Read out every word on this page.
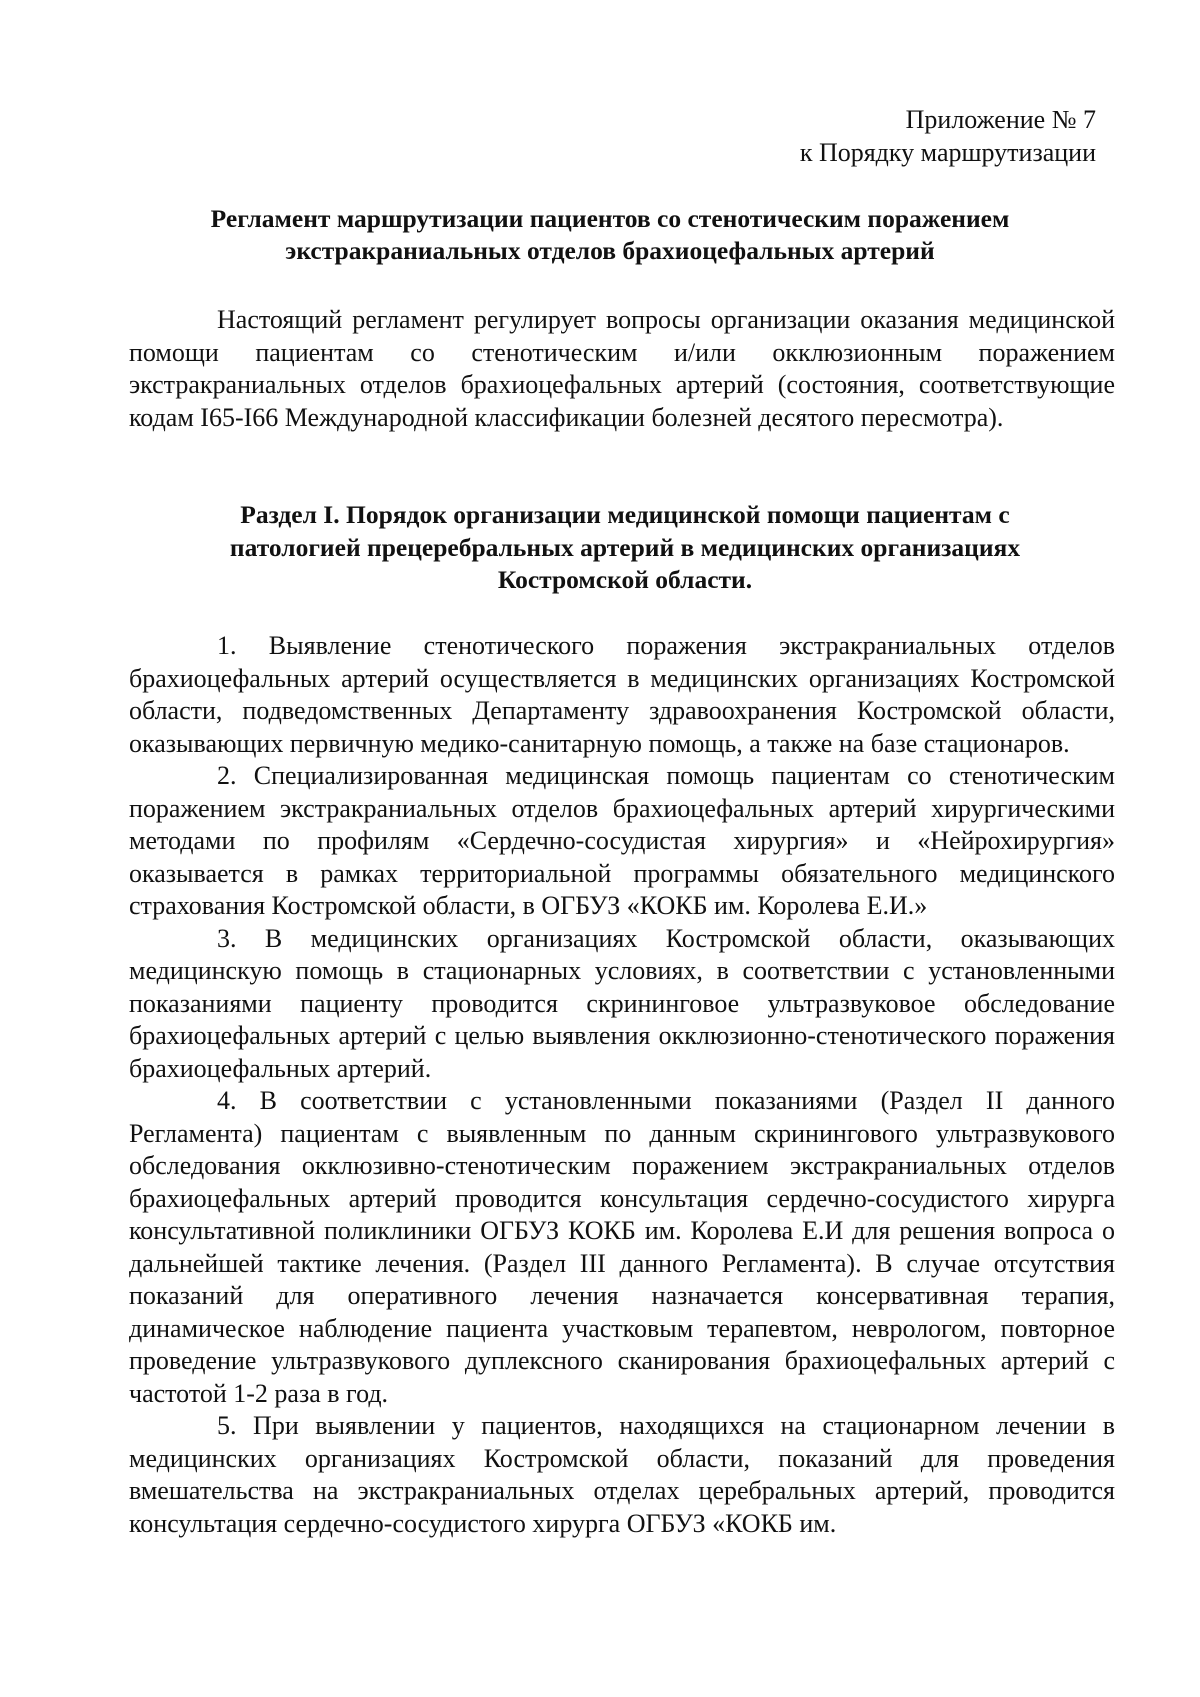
Приложение № 7
к Порядку маршрутизации
Регламент маршрутизации пациентов со стенотическим поражением
экстракраниальных отделов брахиоцефальных артерий

Настоящий регламент регулирует вопросы организации оказания медицинской помощи пациентам со стенотическим и/или окклюзионным поражением экстракраниальных отделов брахиоцефальных артерий (состояния, соответствующие кодам I65-I66 Международной классификации болезней десятого пересмотра).

Раздел I. Порядок организации медицинской помощи пациентам с
патологией прецеребральных артерий в медицинских организациях
Костромской области.

1. Выявление стенотического поражения экстракраниальных отделов брахиоцефальных артерий осуществляется в медицинских организациях Костромской области, подведомственных Департаменту здравоохранения Костромской области, оказывающих первичную медико-санитарную помощь, а также на базе стационаров.

2. Специализированная медицинская помощь пациентам со стенотическим поражением экстракраниальных отделов брахиоцефальных артерий хирургическими методами по профилям «Сердечно-сосудистая хирургия» и «Нейрохирургия» оказывается в рамках территориальной программы обязательного медицинского страхования Костромской области, в ОГБУЗ «КОКБ им. Королева Е.И.»

3. В медицинских организациях Костромской области, оказывающих медицинскую помощь в стационарных условиях, в соответствии с установленными показаниями пациенту проводится скрининговое ультразвуковое обследование брахиоцефальных артерий с целью выявления окклюзионно-стенотического поражения брахиоцефальных артерий.

4. В соответствии с установленными показаниями (Раздел II данного Регламента) пациентам с выявленным по данным скринингового ультразвукового обследования окклюзивно-стенотическим поражением экстракраниальных отделов брахиоцефальных артерий проводится консультация сердечно-сосудистого хирурга консультативной поликлиники ОГБУЗ КОКБ им. Королева Е.И для решения вопроса о дальнейшей тактике лечения. (Раздел III данного Регламента). В случае отсутствия показаний для оперативного лечения назначается консервативная терапия, динамическое наблюдение пациента участковым терапевтом, неврологом, повторное проведение ультразвукового дуплексного сканирования брахиоцефальных артерий с частотой 1-2 раза в год.

5. При выявлении у пациентов, находящихся на стационарном лечении в медицинских организациях Костромской области, показаний для проведения вмешательства на экстракраниальных отделах церебральных артерий, проводится консультация сердечно-сосудистого хирурга ОГБУЗ «КОКБ им.
